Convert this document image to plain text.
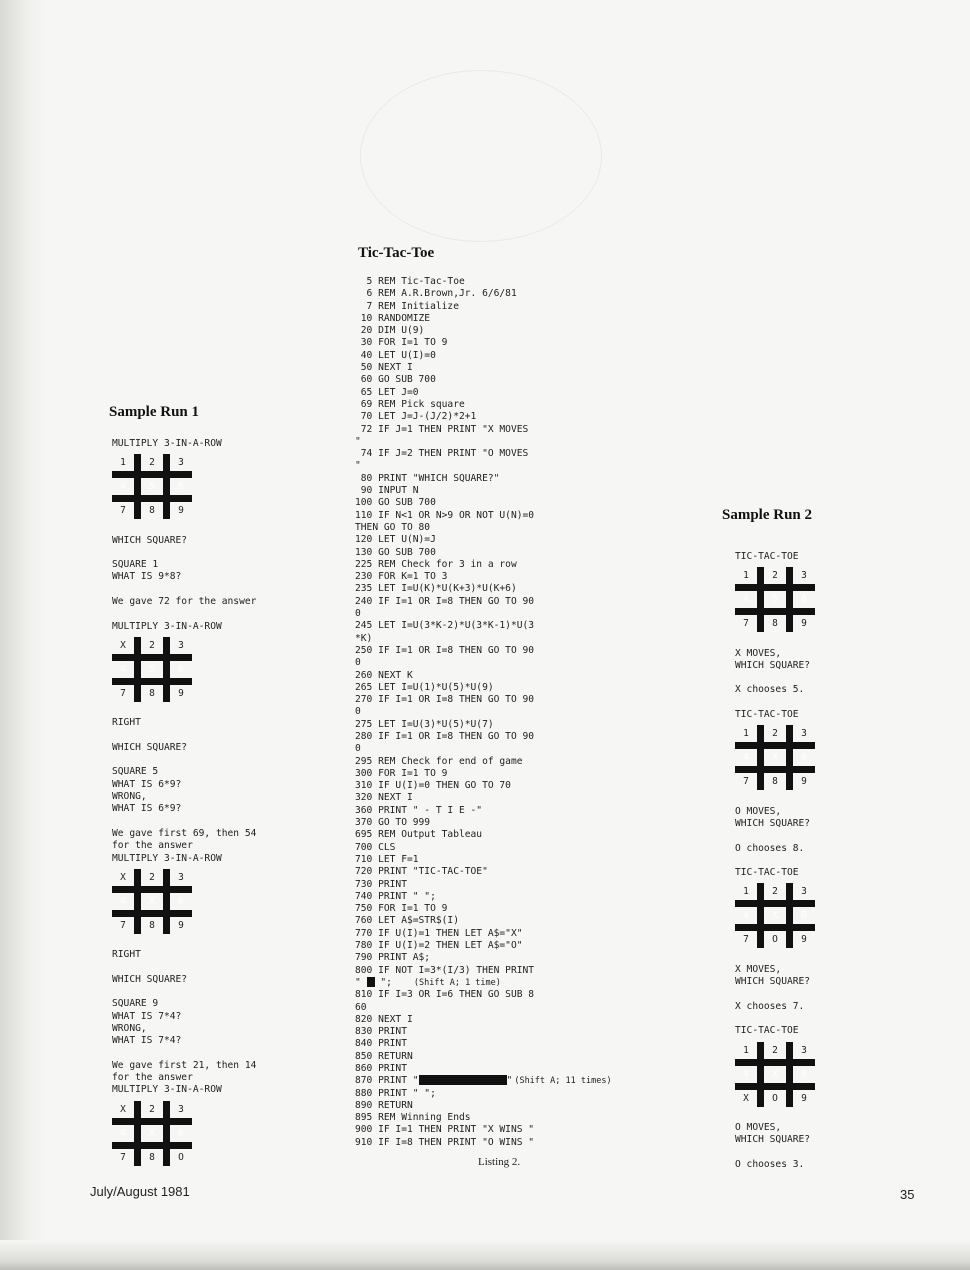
Tic-Tac-Toe
5 REM Tic-Tac-Toe
6 REM A.R.Brown,Jr. 6/6/81
7 REM Initialize
10 RANDOMIZE
20 DIM U(9)
30 FOR I=1 TO 9
40 LET U(I)=0
50 NEXT I
60 GO SUB 700
65 LET J=0
69 REM Pick square
70 LET J=J-(J/2)*2+1
72 IF J=1 THEN PRINT "X MOVES
"
74 IF J=2 THEN PRINT "O MOVES
"
80 PRINT "WHICH SQUARE?"
90 INPUT N
100 GO SUB 700
110 IF N<1 OR N>9 OR NOT U(N)=0
THEN GO TO 80
120 LET U(N)=J
130 GO SUB 700
225 REM Check for 3 in a row
230 FOR K=1 TO 3
235 LET I=U(K)*U(K+3)*U(K+6)
240 IF I=1 OR I=8 THEN GO TO 90
0
245 LET I=U(3*K-2)*U(3*K-1)*U(3
*K)
250 IF I=1 OR I=8 THEN GO TO 90
0
260 NEXT K
265 LET I=U(1)*U(5)*U(9)
270 IF I=1 OR I=8 THEN GO TO 90
0
275 LET I=U(3)*U(5)*U(7)
280 IF I=1 OR I=8 THEN GO TO 90
0
295 REM Check for end of game
300 FOR I=1 TO 9
310 IF U(I)=0 THEN GO TO 70
320 NEXT I
360 PRINT " - T I E -"
370 GO TO 999
695 REM Output Tableau
700 CLS
710 LET F=1
720 PRINT "TIC-TAC-TOE"
730 PRINT
740 PRINT " ";
750 FOR I=1 TO 9
760 LET A$=STR$(I)
770 IF U(I)=1 THEN LET A$="X"
780 IF U(I)=2 THEN LET A$="O"
790 PRINT A$;
800 IF NOT I=3*(I/3) THEN PRINT
"  ";	(Shift A; 1 time)
810 IF I=3 OR I=6 THEN GO SUB 8
60
820 NEXT I
830 PRINT
840 PRINT
850 RETURN
860 PRINT
870 PRINT "	" (Shift A; 11 times)
880 PRINT " ";
890 RETURN
895 REM Winning Ends
900 IF I=1 THEN PRINT "X WINS "
910 IF I=8 THEN PRINT "O WINS "
Listing 2.
Sample Run 1
MULTIPLY 3-IN-A-ROW
1	2	3
4	5	6
7	8	9
WHICH SQUARE?
SQUARE 1
WHAT IS 9*8?
We gave 72 for the answer
MULTIPLY 3-IN-A-ROW
X	2	3
4	5	6
7	8	9
RIGHT
WHICH SQUARE?
SQUARE 5
WHAT IS 6*9?
WRONG,
WHAT IS 6*9?
We gave first 69, then 54
for the answer
MULTIPLY 3-IN-A-ROW
X	2	3
4	X	6
7	8	9
RIGHT
WHICH SQUARE?
SQUARE 9
WHAT IS 7*4?
WRONG,
WHAT IS 7*4?
We gave first 21, then 14
for the answer
MULTIPLY 3-IN-A-ROW
X	2	3
4	X	6
7	8	O
Sample Run 2
TIC-TAC-TOE
1	2	3
4	5	6
7	8	9
X MOVES,
WHICH SQUARE?
X chooses 5.
TIC-TAC-TOE
1	2	3
4	X	6
7	8	9
O MOVES,
WHICH SQUARE?
O chooses 8.
TIC-TAC-TOE
1	2	3
4	X	6
7	O	9
X MOVES,
WHICH SQUARE?
X chooses 7.
TIC-TAC-TOE
1	2	3
4	X	6
X	O	9
O MOVES,
WHICH SQUARE?
O chooses 3.
July/August 1981	35
